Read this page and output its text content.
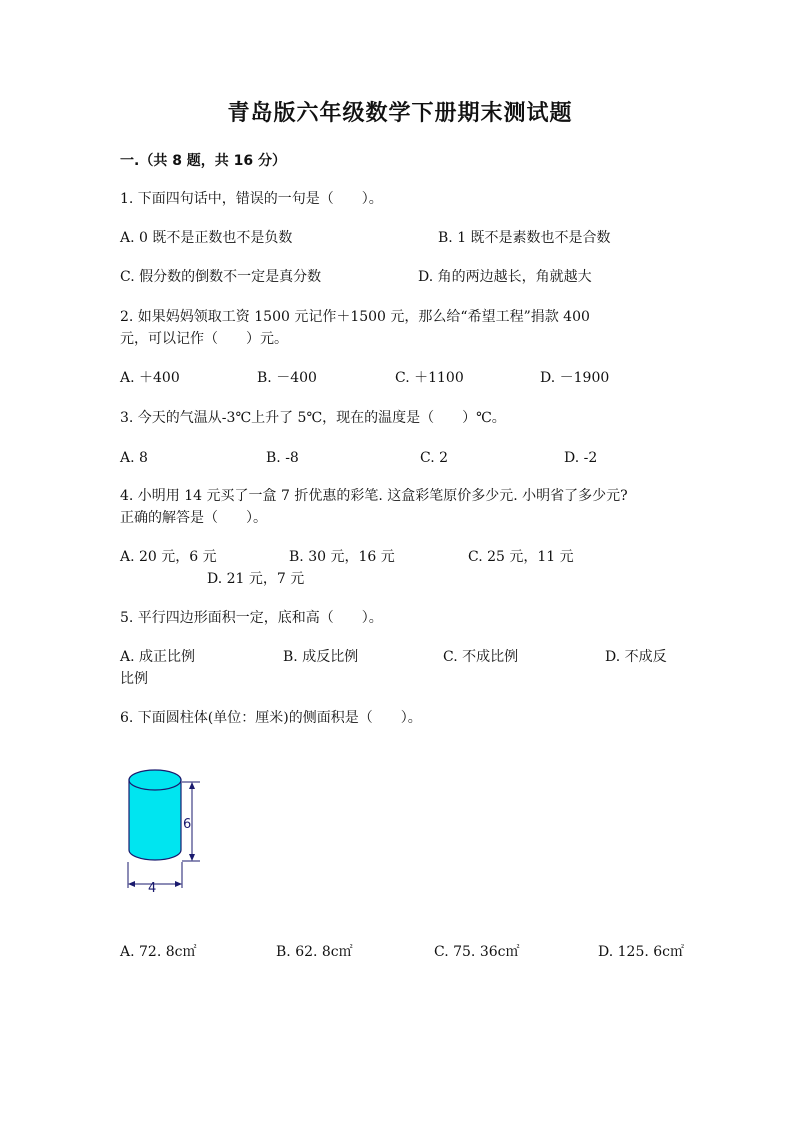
青岛版六年级数学下册期末测试题
一.（共 8 题，共 16 分）
1. 下面四句话中，错误的一句是（　　）。
A. 0 既不是正数也不是负数	B. 1 既不是素数也不是合数
C. 假分数的倒数不一定是真分数	D. 角的两边越长，角就越大
2. 如果妈妈领取工资 1500 元记作＋1500 元，那么给“希望工程”捐款 400
元，可以记作（　　）元。
A. ＋400	B. －400	C. ＋1100	D. －1900
3. 今天的气温从-3℃上升了 5℃，现在的温度是（　　）℃。
A. 8	B. -8	C. 2	D. -2
4. 小明用 14 元买了一盒 7 折优惠的彩笔. 这盒彩笔原价多少元. 小明省了多少元?
正确的解答是（　　）。
A. 20 元，6 元	B. 30 元，16 元	C. 25 元，11 元
D. 21 元，7 元
5. 平行四边形面积一定，底和高（　　）。
A. 成正比例	B. 成反比例	C. 不成比例	D. 不成反
比例
6. 下面圆柱体(单位：厘米)的侧面积是（　　）。
6
4
A. 72. 8c㎡	B. 62. 8c㎡	C. 75. 36c㎡	D. 125. 6c㎡
